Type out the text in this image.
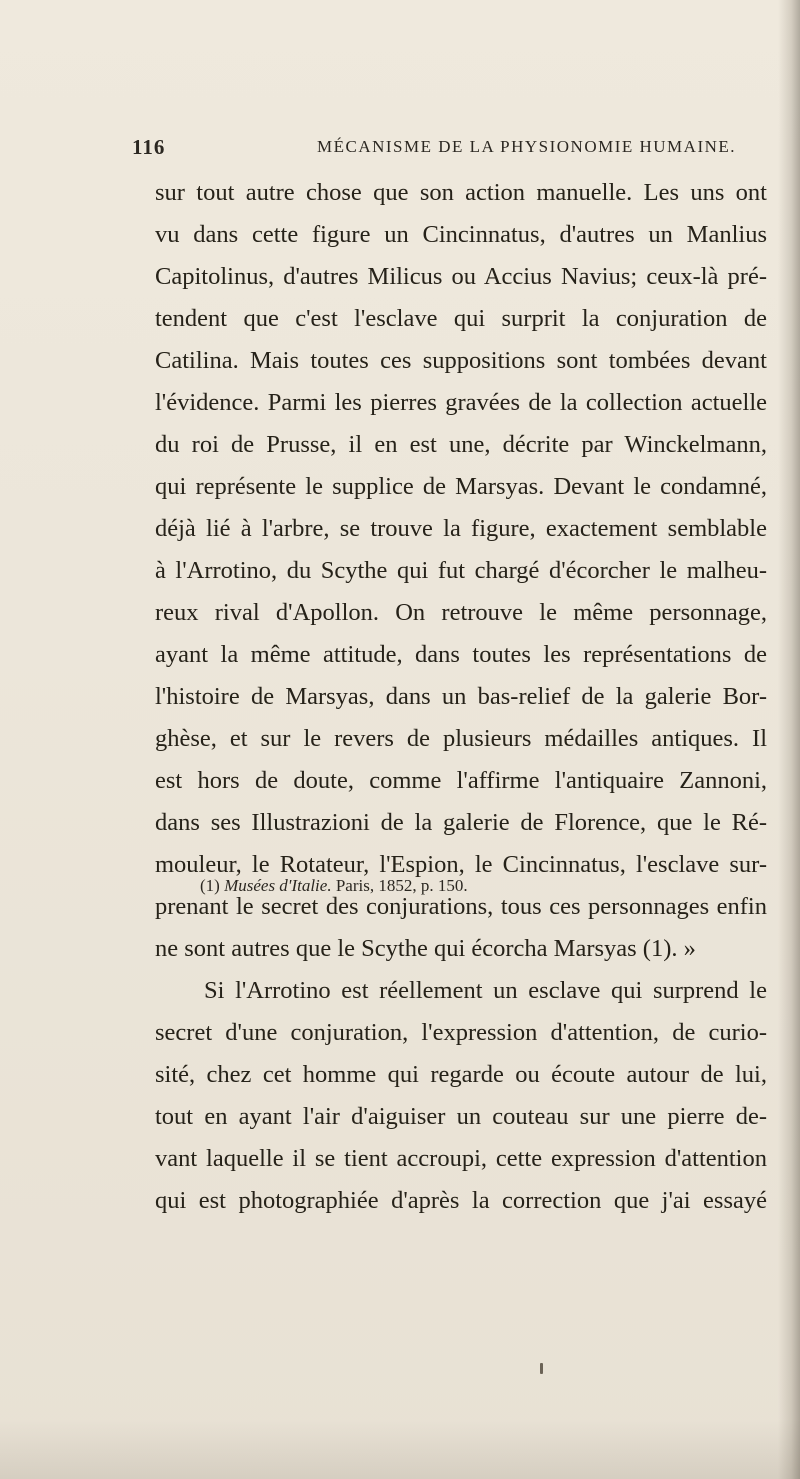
116	MÉCANISME DE LA PHYSIONOMIE HUMAINE.
sur tout autre chose que son action manuelle. Les uns ont
vu dans cette figure un Cincinnatus, d'autres un Manlius
Capitolinus, d'autres Milicus ou Accius Navius; ceux-là pré-
tendent que c'est l'esclave qui surprit la conjuration de
Catilina. Mais toutes ces suppositions sont tombées devant
l'évidence. Parmi les pierres gravées de la collection actuelle
du roi de Prusse, il en est une, décrite par Winckelmann,
qui représente le supplice de Marsyas. Devant le condamné,
déjà lié à l'arbre, se trouve la figure, exactement semblable
à l'Arrotino, du Scythe qui fut chargé d'écorcher le malheu-
reux rival d'Apollon. On retrouve le même personnage,
ayant la même attitude, dans toutes les représentations de
l'histoire de Marsyas, dans un bas-relief de la galerie Bor-
ghèse, et sur le revers de plusieurs médailles antiques. Il
est hors de doute, comme l'affirme l'antiquaire Zannoni,
dans ses Illustrazioni de la galerie de Florence, que le Ré-
mouleur, le Rotateur, l'Espion, le Cincinnatus, l'esclave sur-
prenant le secret des conjurations, tous ces personnages enfin
ne sont autres que le Scythe qui écorcha Marsyas (1). »
Si l'Arrotino est réellement un esclave qui surprend le
secret d'une conjuration, l'expression d'attention, de curio-
sité, chez cet homme qui regarde ou écoute autour de lui,
tout en ayant l'air d'aiguiser un couteau sur une pierre de-
vant laquelle il se tient accroupi, cette expression d'attention
qui est photographiée d'après la correction que j'ai essayé
(1) Musées d'Italie. Paris, 1852, p. 150.
